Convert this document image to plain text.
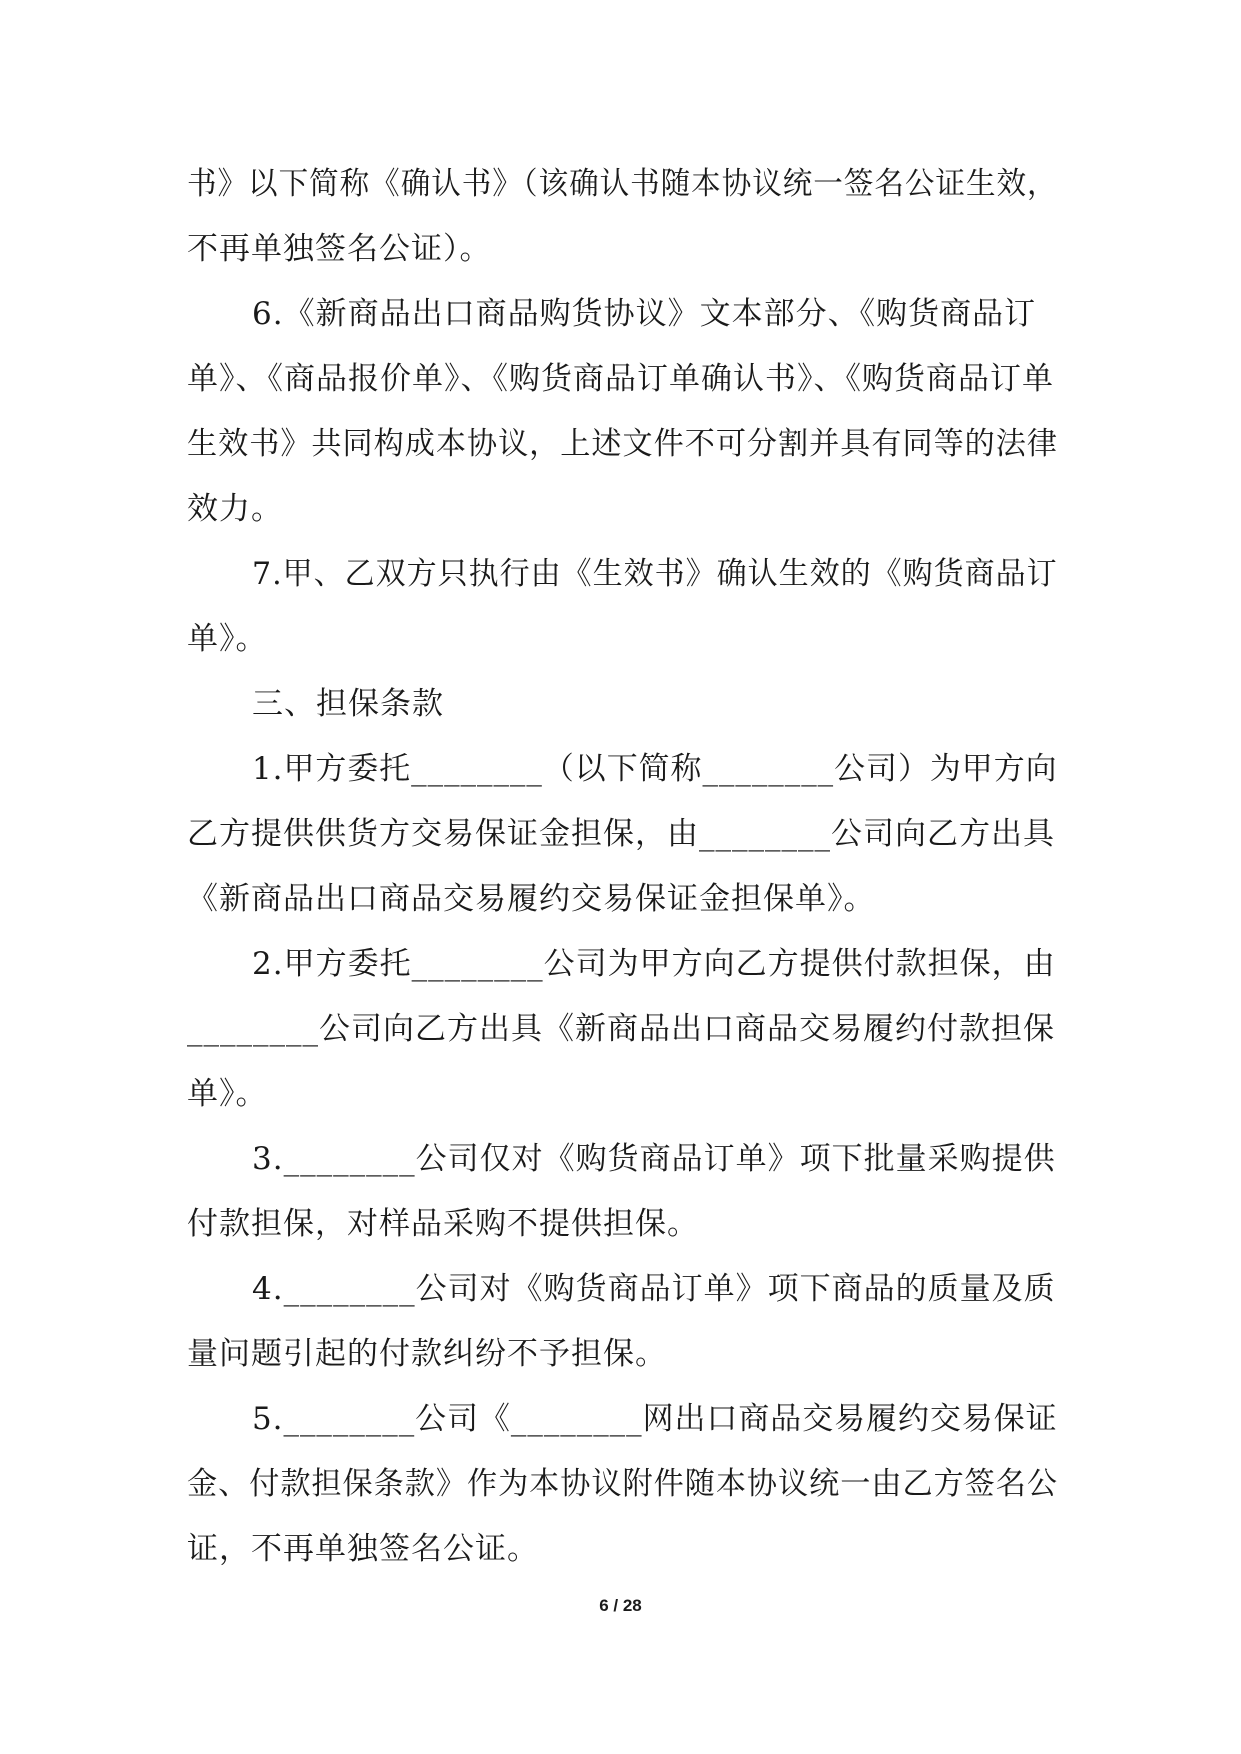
书》以下简称《确认书》（该确认书随本协议统一签名公证生效，
不再单独签名公证）。
6.《新商品出口商品购货协议》文本部分、《购货商品订
单》、《商品报价单》、《购货商品订单确认书》、《购货商品订单
生效书》共同构成本协议，上述文件不可分割并具有同等的法律
效力。
7.甲、乙双方只执行由《生效书》确认生效的《购货商品订
单》。
三、担保条款
1.甲方委托________（以下简称________公司）为甲方向
乙方提供供货方交易保证金担保，由________公司向乙方出具
《新商品出口商品交易履约交易保证金担保单》。
2.甲方委托________公司为甲方向乙方提供付款担保，由
________公司向乙方出具《新商品出口商品交易履约付款担保
单》。
3.________公司仅对《购货商品订单》项下批量采购提供
付款担保，对样品采购不提供担保。
4.________公司对《购货商品订单》项下商品的质量及质
量问题引起的付款纠纷不予担保。
5.________公司《________网出口商品交易履约交易保证
金、付款担保条款》作为本协议附件随本协议统一由乙方签名公
证，不再单独签名公证。
6 / 28
